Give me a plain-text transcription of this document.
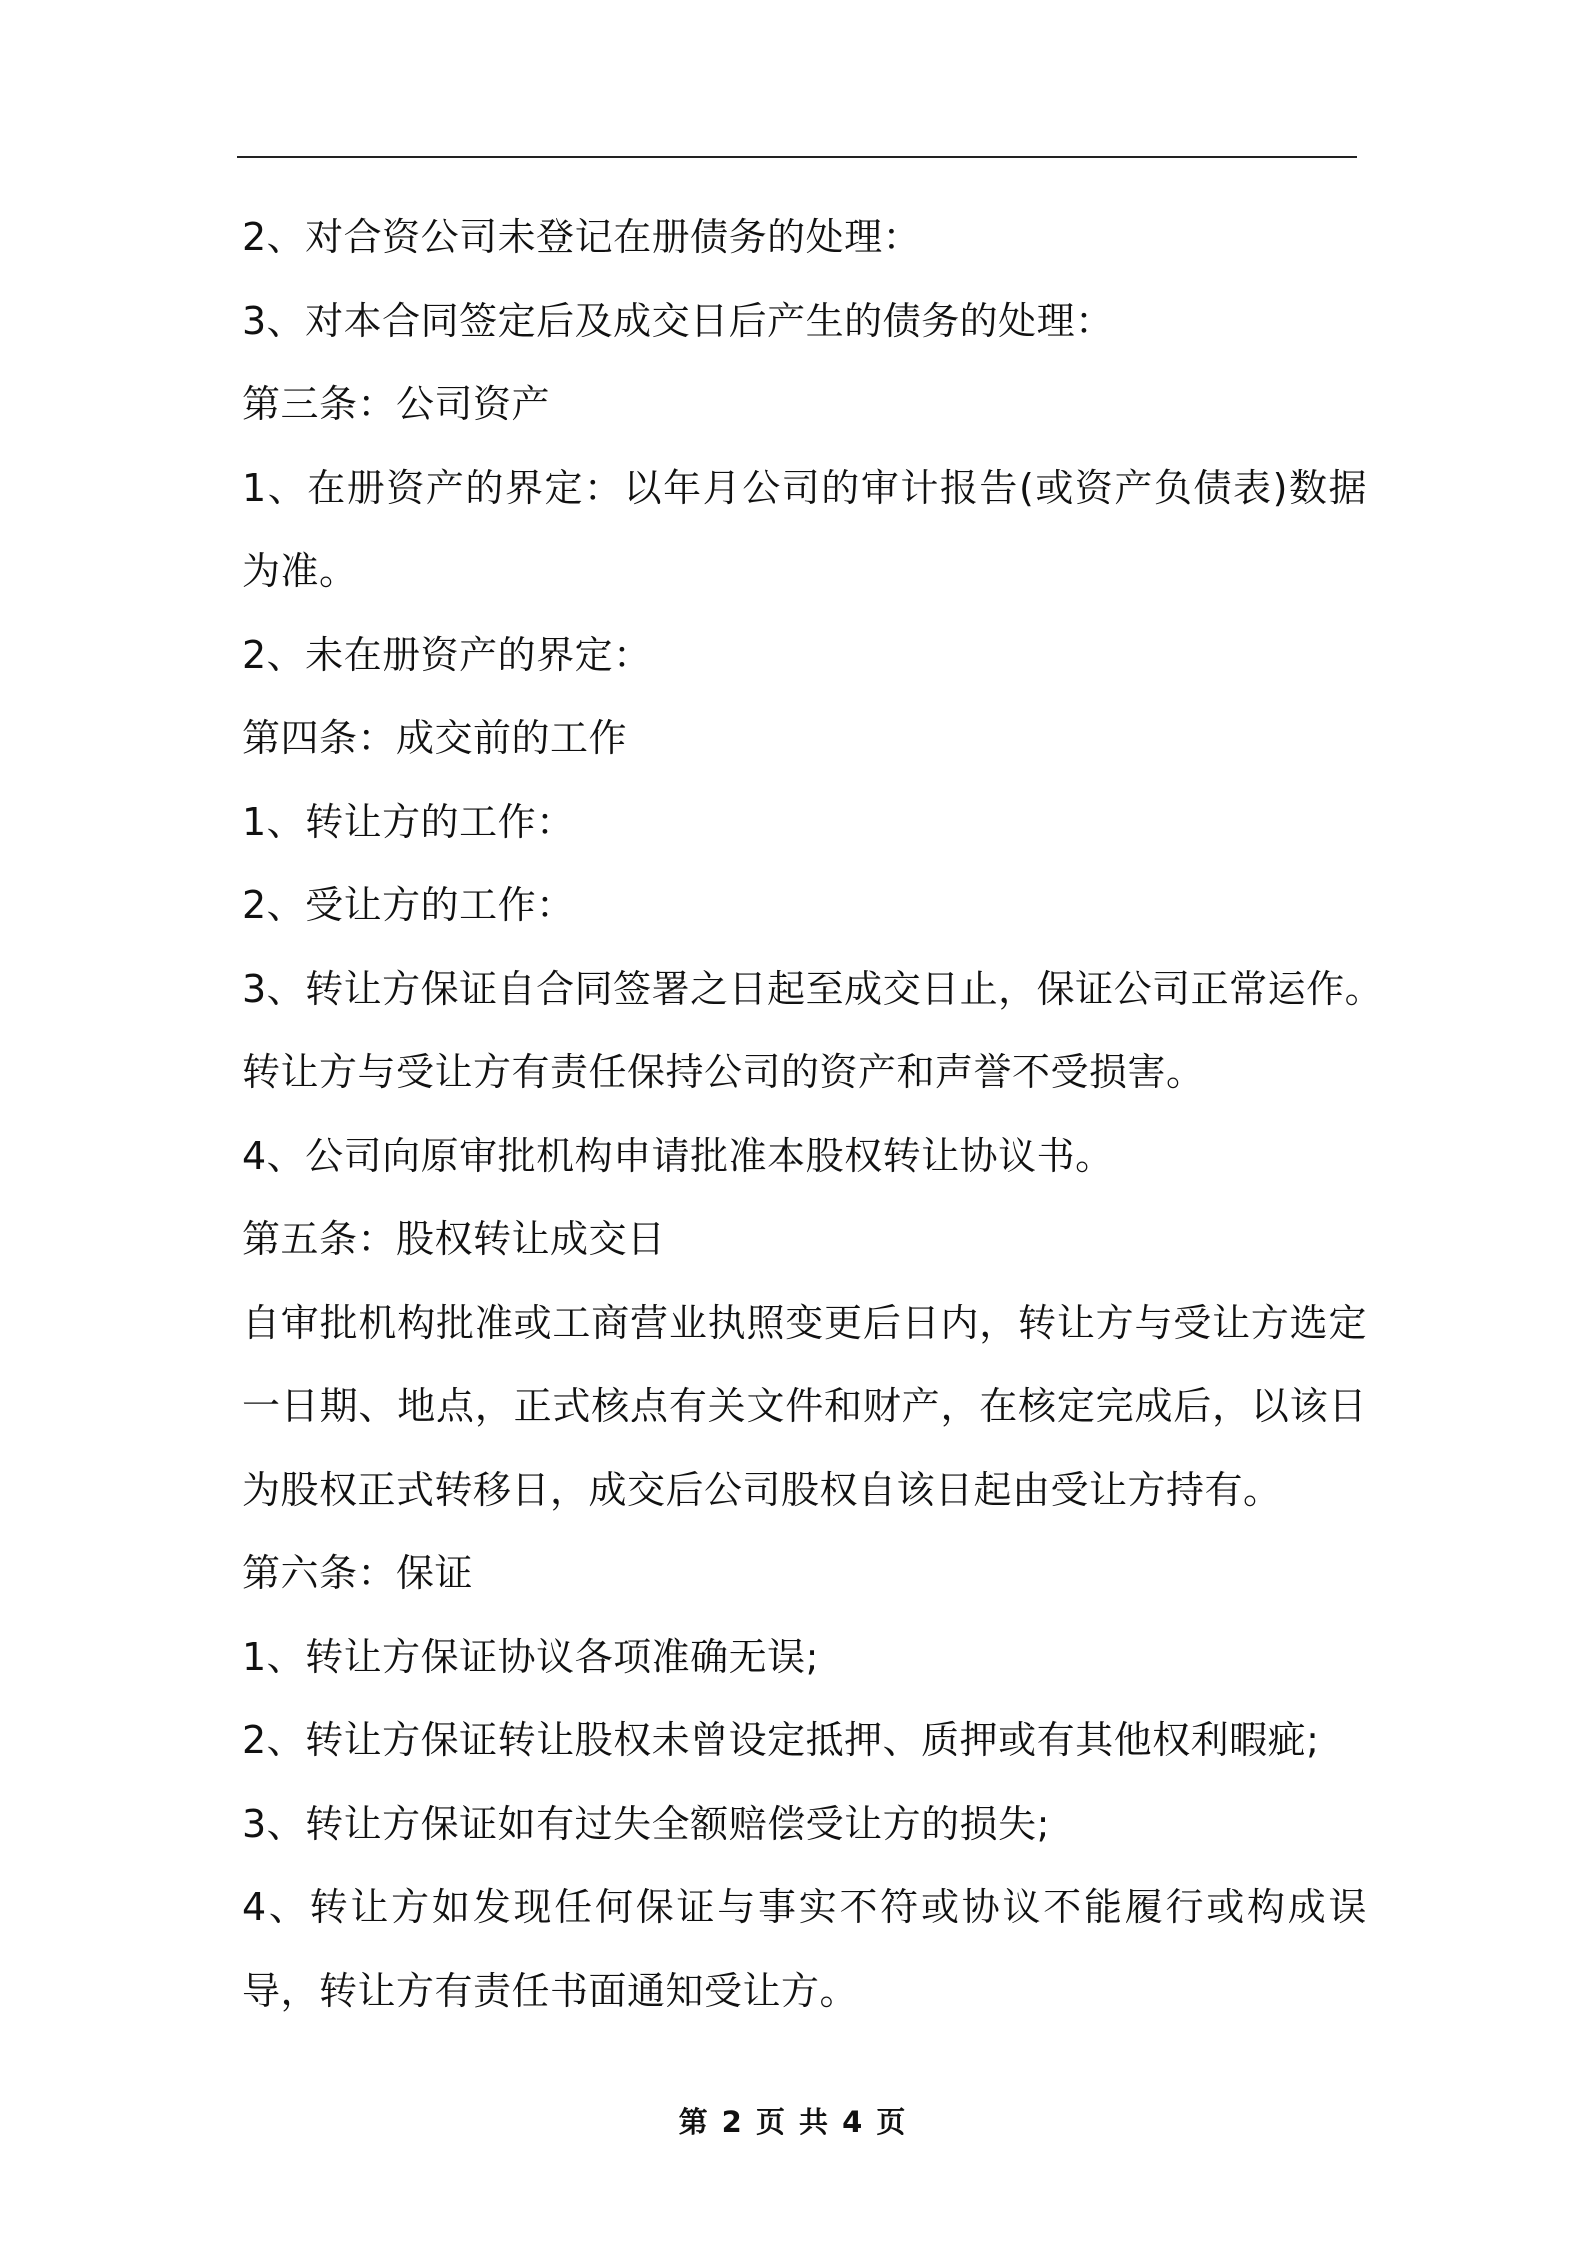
2、对合资公司未登记在册债务的处理：

3、对本合同签定后及成交日后产生的债务的处理：

第三条：公司资产

1、在册资产的界定：以年月公司的审计报告(或资产负债表)数据为准。

2、未在册资产的界定：

第四条：成交前的工作

1、转让方的工作：

2、受让方的工作：

3、转让方保证自合同签署之日起至成交日止，保证公司正常运作。

转让方与受让方有责任保持公司的资产和声誉不受损害。

4、公司向原审批机构申请批准本股权转让协议书。

第五条：股权转让成交日

自审批机构批准或工商营业执照变更后日内，转让方与受让方选定一日期、地点，正式核点有关文件和财产，在核定完成后，以该日为股权正式转移日，成交后公司股权自该日起由受让方持有。

第六条：保证

1、转让方保证协议各项准确无误;

2、转让方保证转让股权未曾设定抵押、质押或有其他权利暇疵;

3、转让方保证如有过失全额赔偿受让方的损失;

4、转让方如发现任何保证与事实不符或协议不能履行或构成误导，转让方有责任书面通知受让方。

第 2 页 共 4 页
